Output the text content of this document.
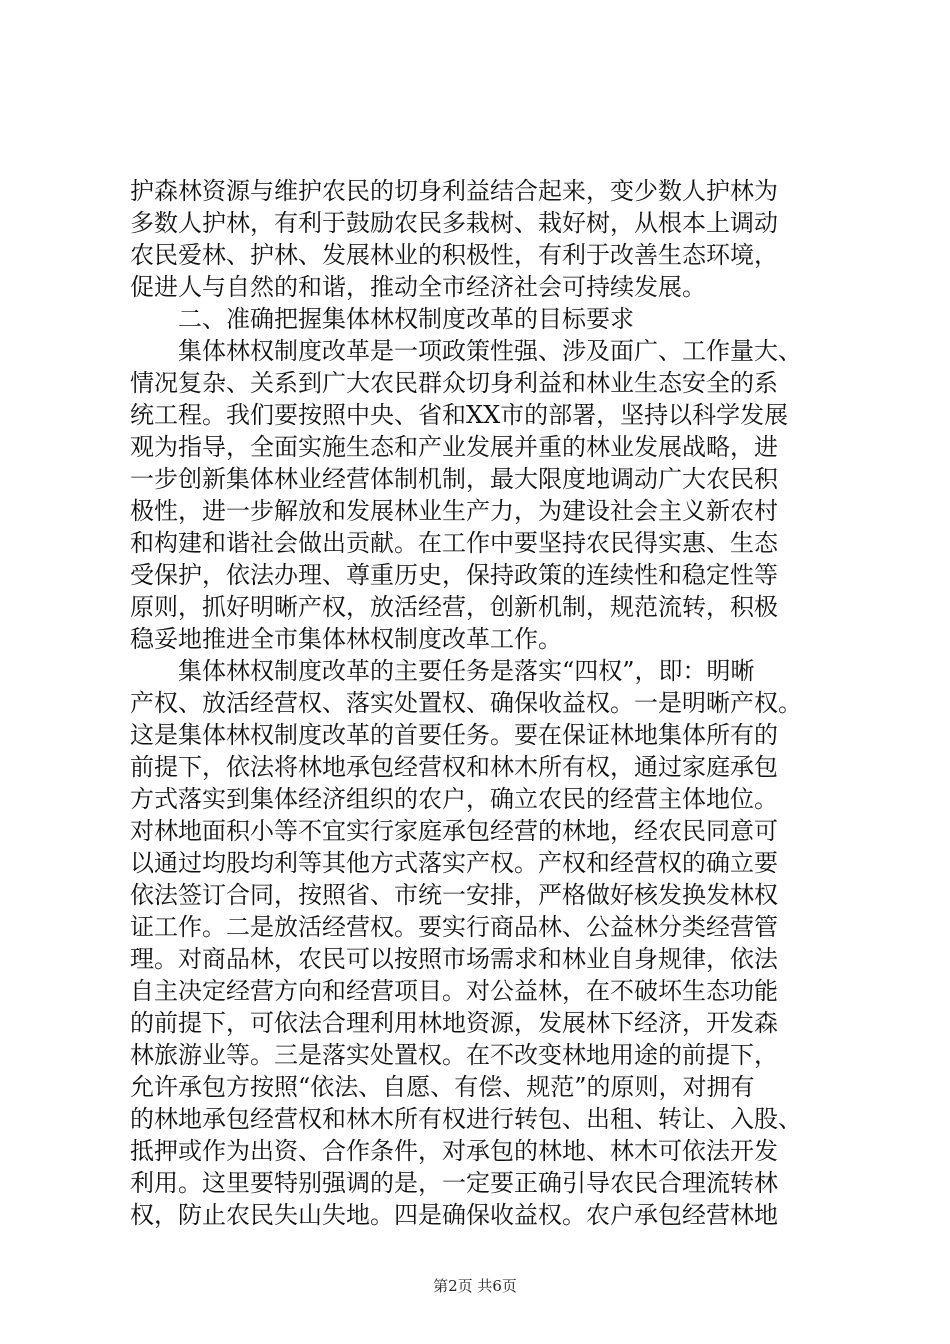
护森林资源与维护农民的切身利益结合起来，变少数人护林为
多数人护林，有利于鼓励农民多栽树、栽好树，从根本上调动
农民爱林、护林、发展林业的积极性，有利于改善生态环境，
促进人与自然的和谐，推动全市经济社会可持续发展。
二、准确把握集体林权制度改革的目标要求
集体林权制度改革是一项政策性强、涉及面广、工作量大、
情况复杂、关系到广大农民群众切身利益和林业生态安全的系
统工程。我们要按照中央、省和XX市的部署，坚持以科学发展
观为指导，全面实施生态和产业发展并重的林业发展战略，进
一步创新集体林业经营体制机制，最大限度地调动广大农民积
极性，进一步解放和发展林业生产力，为建设社会主义新农村
和构建和谐社会做出贡献。在工作中要坚持农民得实惠、生态
受保护，依法办理、尊重历史，保持政策的连续性和稳定性等
原则，抓好明晰产权，放活经营，创新机制，规范流转，积极
稳妥地推进全市集体林权制度改革工作。
集体林权制度改革的主要任务是落实“四权”，即：明晰
产权、放活经营权、落实处置权、确保收益权。一是明晰产权。
这是集体林权制度改革的首要任务。要在保证林地集体所有的
前提下，依法将林地承包经营权和林木所有权，通过家庭承包
方式落实到集体经济组织的农户，确立农民的经营主体地位。
对林地面积小等不宜实行家庭承包经营的林地，经农民同意可
以通过均股均利等其他方式落实产权。产权和经营权的确立要
依法签订合同，按照省、市统一安排，严格做好核发换发林权
证工作。二是放活经营权。要实行商品林、公益林分类经营管
理。对商品林，农民可以按照市场需求和林业自身规律，依法
自主决定经营方向和经营项目。对公益林，在不破坏生态功能
的前提下，可依法合理利用林地资源，发展林下经济，开发森
林旅游业等。三是落实处置权。在不改变林地用途的前提下，
允许承包方按照“依法、自愿、有偿、规范”的原则，对拥有
的林地承包经营权和林木所有权进行转包、出租、转让、入股、
抵押或作为出资、合作条件，对承包的林地、林木可依法开发
利用。这里要特别强调的是，一定要正确引导农民合理流转林
权，防止农民失山失地。四是确保收益权。农户承包经营林地
第2页 共6页
